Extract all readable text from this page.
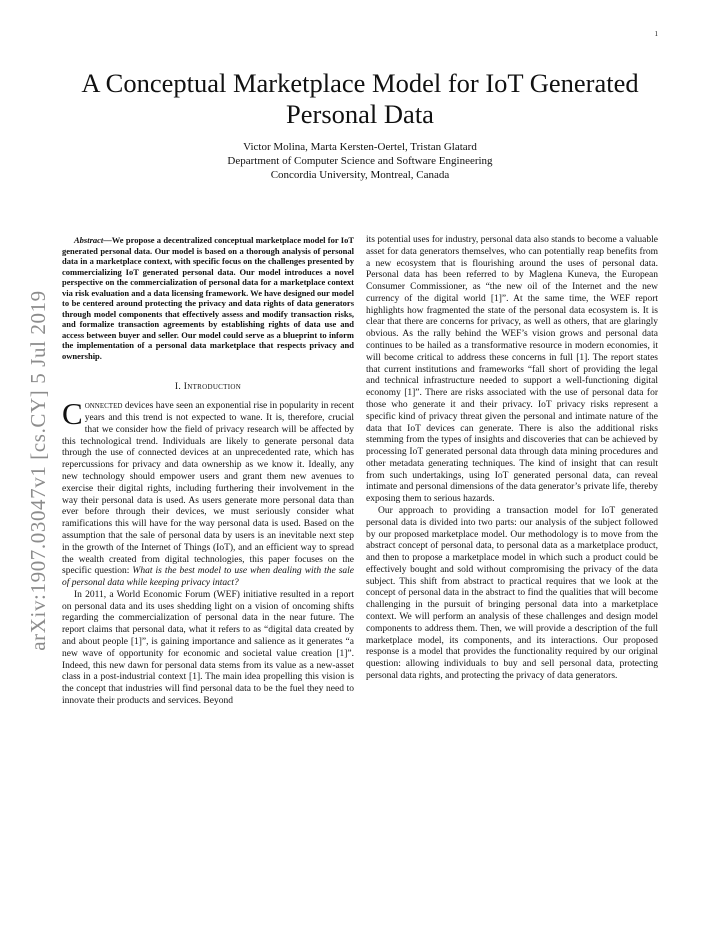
1
arXiv:1907.03047v1 [cs.CY] 5 Jul 2019
A Conceptual Marketplace Model for IoT Generated Personal Data
Victor Molina, Marta Kersten-Oertel, Tristan Glatard
Department of Computer Science and Software Engineering
Concordia University, Montreal, Canada

Abstract—We propose a decentralized conceptual marketplace model for IoT generated personal data. Our model is based on a thorough analysis of personal data in a marketplace context, with specific focus on the challenges presented by commercializing IoT generated personal data. Our model introduces a novel perspective on the commercialization of personal data for a marketplace context via risk evaluation and a data licensing framework. We have designed our model to be centered around protecting the privacy and data rights of data generators through model components that effectively assess and modify transaction risks, and formalize transaction agreements by establishing rights of data use and access between buyer and seller. Our model could serve as a blueprint to inform the implementation of a personal data marketplace that respects privacy and ownership.

I. Introduction

Connected devices have seen an exponential rise in popularity in recent years and this trend is not expected to wane. It is, therefore, crucial that we consider how the field of privacy research will be affected by this technological trend. Individuals are likely to generate personal data through the use of connected devices at an unprecedented rate, which has repercussions for privacy and data ownership as we know it. Ideally, any new technology should empower users and grant them new avenues to exercise their digital rights, including furthering their involvement in the way their personal data is used. As users generate more personal data than ever before through their devices, we must seriously consider what ramifications this will have for the way personal data is used. Based on the assumption that the sale of personal data by users is an inevitable next step in the growth of the Internet of Things (IoT), and an efficient way to spread the wealth created from digital technologies, this paper focuses on the specific question: What is the best model to use when dealing with the sale of personal data while keeping privacy intact?

In 2011, a World Economic Forum (WEF) initiative resulted in a report on personal data and its uses shedding light on a vision of oncoming shifts regarding the commercialization of personal data in the near future. The report claims that personal data, what it refers to as “digital data created by and about people [1]”, is gaining importance and salience as it generates “a new wave of opportunity for economic and societal value creation [1]”. Indeed, this new dawn for personal data stems from its value as a new-asset class in a post-industrial context [1]. The main idea propelling this vision is the concept that industries will find personal data to be the fuel they need to innovate their products and services. Beyond

its potential uses for industry, personal data also stands to become a valuable asset for data generators themselves, who can potentially reap benefits from a new ecosystem that is flourishing around the uses of personal data. Personal data has been referred to by Maglena Kuneva, the European Consumer Commissioner, as “the new oil of the Internet and the new currency of the digital world [1]”. At the same time, the WEF report highlights how fragmented the state of the personal data ecosystem is. It is clear that there are concerns for privacy, as well as others, that are glaringly obvious. As the rally behind the WEF’s vision grows and personal data continues to be hailed as a transformative resource in modern economies, it will become critical to address these concerns in full [1]. The report states that current institutions and frameworks “fall short of providing the legal and technical infrastructure needed to support a well-functioning digital economy [1]”. There are risks associated with the use of personal data for those who generate it and their privacy. IoT privacy risks represent a specific kind of privacy threat given the personal and intimate nature of the data that IoT devices can generate. There is also the additional risks stemming from the types of insights and discoveries that can be achieved by processing IoT generated personal data through data mining procedures and other metadata generating techniques. The kind of insight that can result from such undertakings, using IoT generated personal data, can reveal intimate and personal dimensions of the data generator’s private life, thereby exposing them to serious hazards.

Our approach to providing a transaction model for IoT generated personal data is divided into two parts: our analysis of the subject followed by our proposed marketplace model. Our methodology is to move from the abstract concept of personal data, to personal data as a marketplace product, and then to propose a marketplace model in which such a product could be effectively bought and sold without compromising the privacy of the data subject. This shift from abstract to practical requires that we look at the concept of personal data in the abstract to find the qualities that will become challenging in the pursuit of bringing personal data into a marketplace context. We will perform an analysis of these challenges and design model components to address them. Then, we will provide a description of the full marketplace model, its components, and its interactions. Our proposed response is a model that provides the functionality required by our original question: allowing individuals to buy and sell personal data, protecting personal data rights, and protecting the privacy of data generators.
